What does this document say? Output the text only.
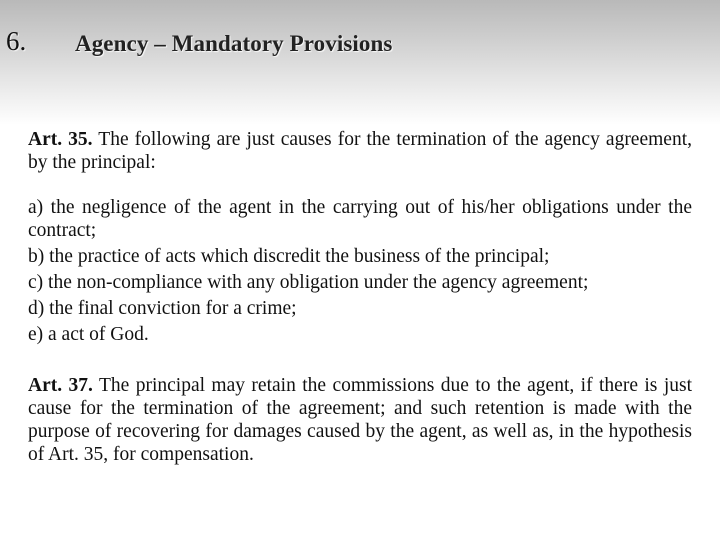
6. Agency – Mandatory Provisions

Art. 35. The following are just causes for the termination of the agency agreement, by the principal:

a) the negligence of the agent in the carrying out of his/her obligations under the contract;
b) the practice of acts which discredit the business of the principal;
c) the non-compliance with any obligation under the agency agreement;
d) the final conviction for a crime;
e) a act of God.

Art. 37. The principal may retain the commissions due to the agent, if there is just cause for the termination of the agreement; and such retention is made with the purpose of recovering for damages caused by the agent, as well as, in the hypothesis of Art. 35, for compensation.
